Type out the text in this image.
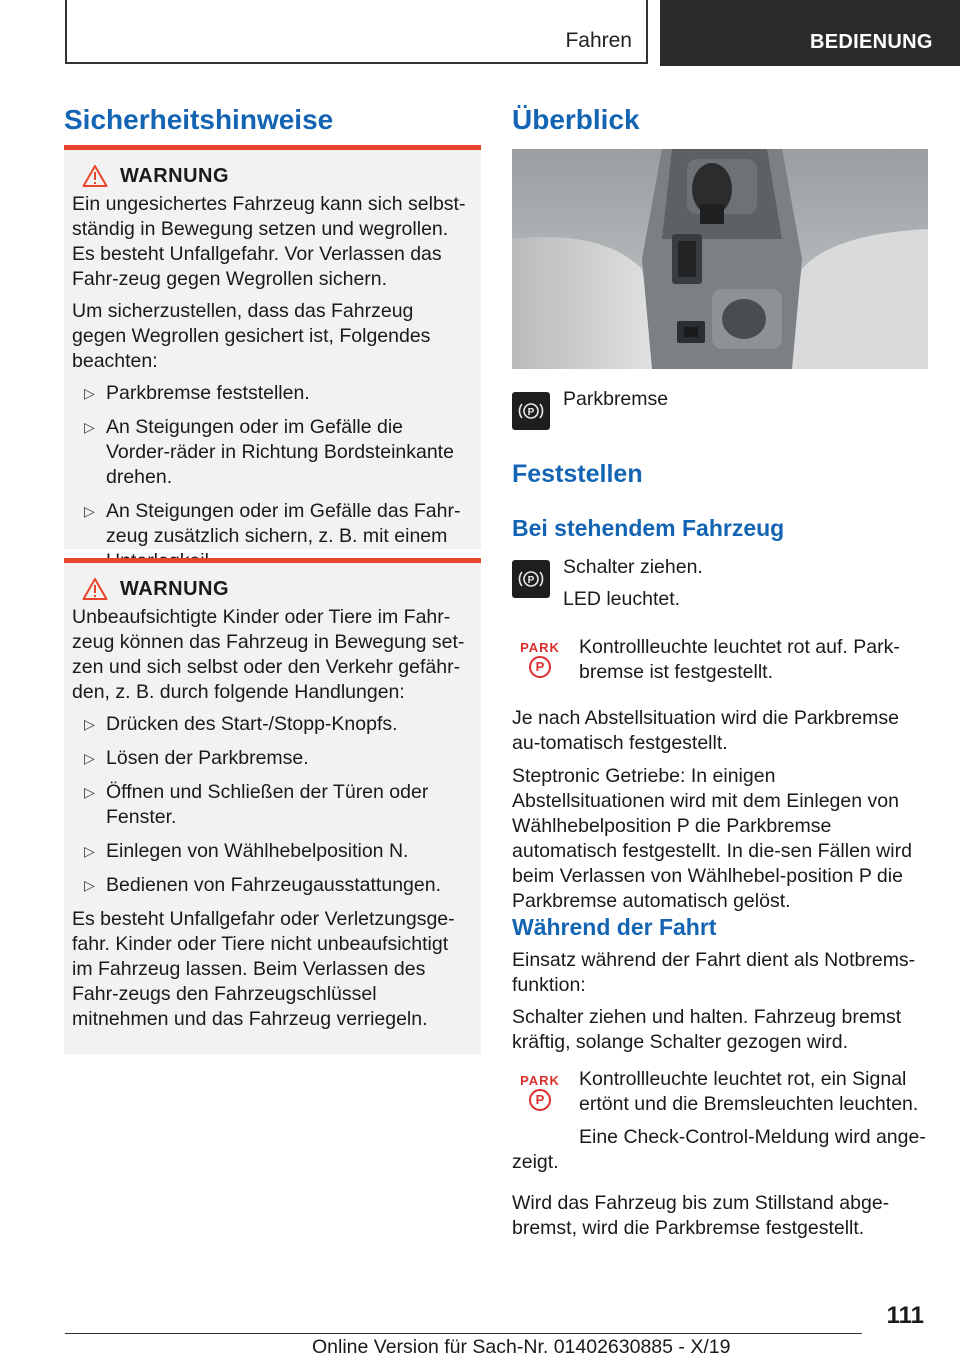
Fahren	BEDIENUNG
Sicherheitshinweise
WARNUNG

Ein ungesichertes Fahrzeug kann sich selbst-ständig in Bewegung setzen und wegrollen. Es besteht Unfallgefahr. Vor Verlassen das Fahr-zeug gegen Wegrollen sichern.

Um sicherzustellen, dass das Fahrzeug gegen Wegrollen gesichert ist, Folgendes beachten:

▷ Parkbremse feststellen.
▷ An Steigungen oder im Gefälle die Vorder-räder in Richtung Bordsteinkante drehen.
▷ An Steigungen oder im Gefälle das Fahr-zeug zusätzlich sichern, z. B. mit einem
WARNUNG

Unbeaufsichtigte Kinder oder Tiere im Fahr-zeug können das Fahrzeug in Bewegung set-zen und sich selbst oder den Verkehr gefähr-den, z. B. durch folgende Handlungen:

▷ Drücken des Start-/Stopp-Knopfs.
▷ Lösen der Parkbremse.
▷ Öffnen und Schließen der Türen oder Fenster.
▷ Einlegen von Wählhebelposition N.
▷ Bedienen von Fahrzeugausstattungen.

Es besteht Unfallgefahr oder Verletzungsge-fahr. Kinder oder Tiere nicht unbeaufsichtigt im Fahrzeug lassen. Beim Verlassen des Fahr-zeugs den Fahrzeugschlüssel mitnehmen und das Fahrzeug verriegeln.

Überblick
P

Parkbremse

Feststellen
Bei stehendem Fahrzeug
P

Schalter ziehen.

LED leuchtet.

PARK
P

Kontrollleuchte leuchtet rot auf. Park-bremse ist festgestellt.

Je nach Abstellsituation wird die Parkbremse au-tomatisch festgestellt.

Steptronic Getriebe: In einigen Abstellsituationen wird mit dem Einlegen von Wählhebelposition P die Parkbremse automatisch festgestellt. In die-sen Fällen wird beim Verlassen von Wählhebel-position P die Parkbremse automatisch gelöst.

Während der Fahrt

Einsatz während der Fahrt dient als Notbrems-funktion:

Schalter ziehen und halten. Fahrzeug bremst kräftig, solange Schalter gezogen wird.

PARK
P

Kontrollleuchte leuchtet rot, ein Signal ertönt und die Bremsleuchten leuchten.

Eine Check-Control-Meldung wird ange-

zeigt.

Wird das Fahrzeug bis zum Stillstand abge-bremst, wird die Parkbremse festgestellt.

111
Online Version für Sach-Nr. 01402630885 - X/19
